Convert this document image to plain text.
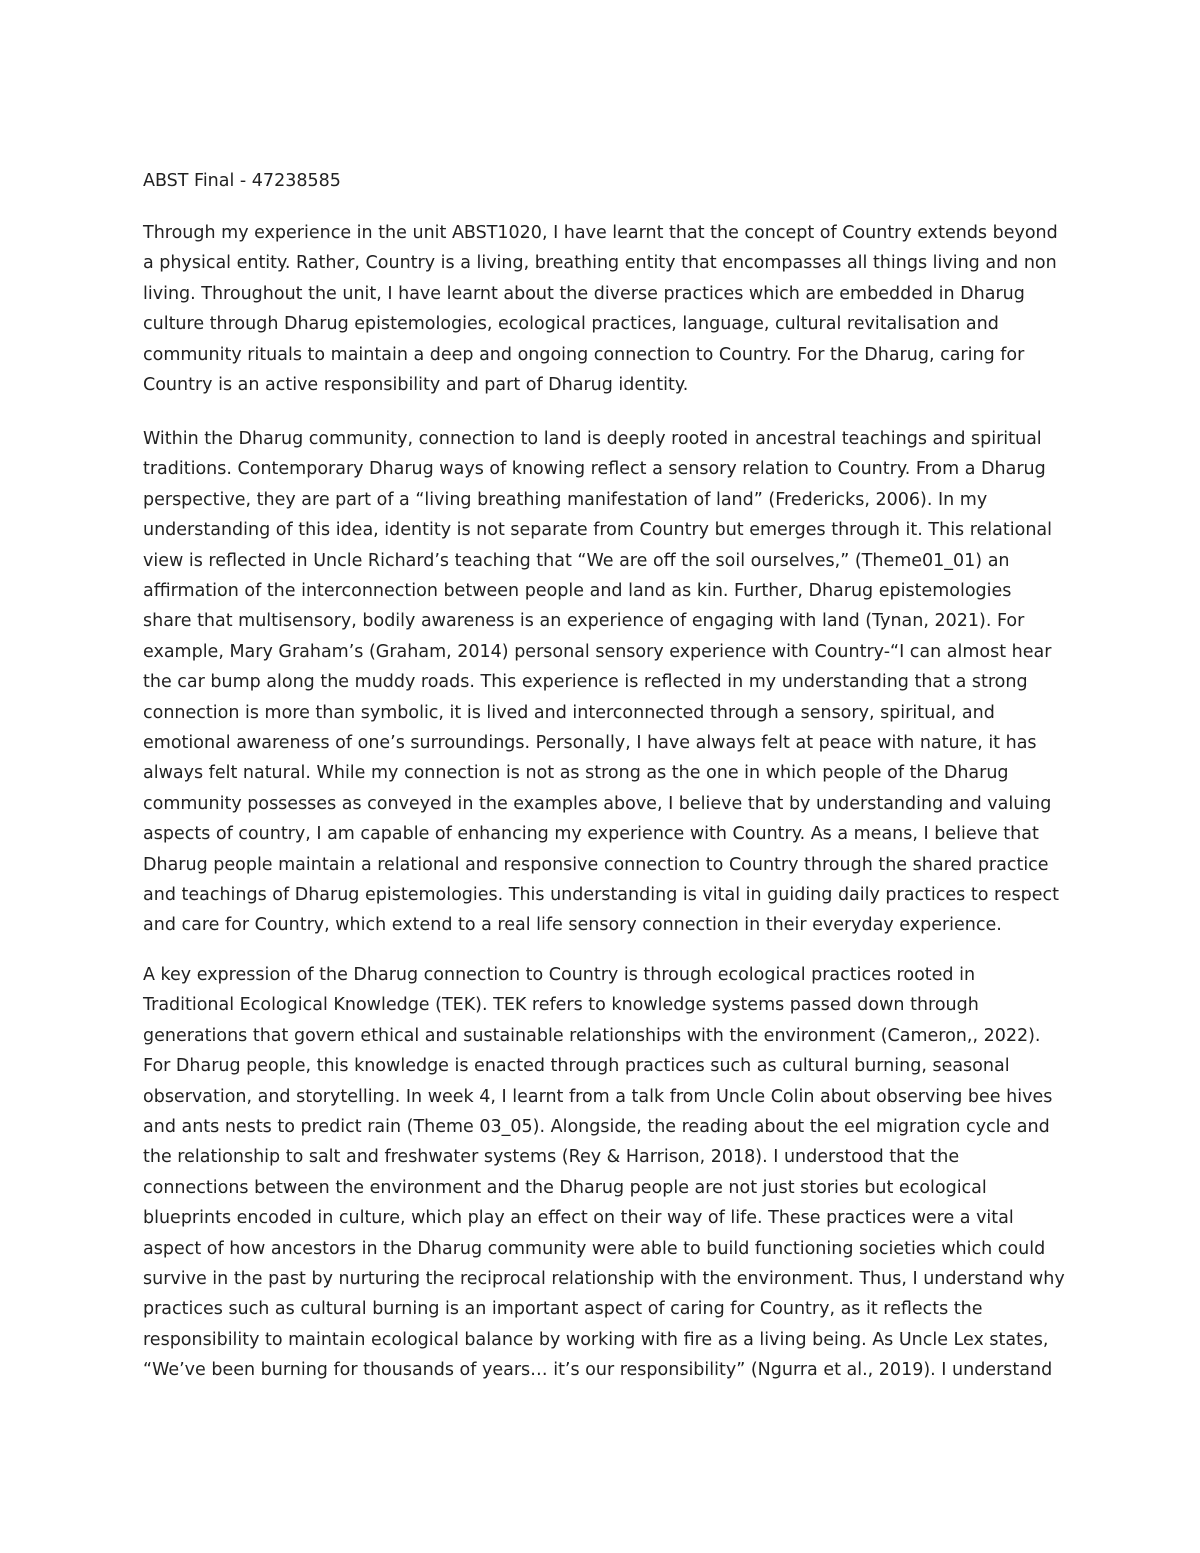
ABST Final - 47238585
Through my experience in the unit ABST1020, I have learnt that the concept of Country extends beyond
a physical entity. Rather, Country is a living, breathing entity that encompasses all things living and non
living. Throughout the unit, I have learnt about the diverse practices which are embedded in Dharug
culture through Dharug epistemologies, ecological practices, language, cultural revitalisation and
community rituals to maintain a deep and ongoing connection to Country. For the Dharug, caring for
Country is an active responsibility and part of Dharug identity.
Within the Dharug community, connection to land is deeply rooted in ancestral teachings and spiritual
traditions. Contemporary Dharug ways of knowing reflect a sensory relation to Country. From a Dharug
perspective, they are part of a “living breathing manifestation of land” (Fredericks, 2006). In my
understanding of this idea, identity is not separate from Country but emerges through it. This relational
view is reflected in Uncle Richard’s teaching that “We are off the soil ourselves,” (Theme01_01) an
affirmation of the interconnection between people and land as kin. Further, Dharug epistemologies
share that multisensory, bodily awareness is an experience of engaging with land (Tynan, 2021). For
example, Mary Graham’s (Graham, 2014) personal sensory experience with Country-“I can almost hear
the car bump along the muddy roads. This experience is reflected in my understanding that a strong
connection is more than symbolic, it is lived and interconnected through a sensory, spiritual, and
emotional awareness of one’s surroundings. Personally, I have always felt at peace with nature, it has
always felt natural. While my connection is not as strong as the one in which people of the Dharug
community possesses as conveyed in the examples above, I believe that by understanding and valuing
aspects of country, I am capable of enhancing my experience with Country. As a means, I believe that
Dharug people maintain a relational and responsive connection to Country through the shared practice
and teachings of Dharug epistemologies. This understanding is vital in guiding daily practices to respect
and care for Country, which extend to a real life sensory connection in their everyday experience.
A key expression of the Dharug connection to Country is through ecological practices rooted in
Traditional Ecological Knowledge (TEK). TEK refers to knowledge systems passed down through
generations that govern ethical and sustainable relationships with the environment (Cameron,, 2022).
For Dharug people, this knowledge is enacted through practices such as cultural burning, seasonal
observation, and storytelling. In week 4, I learnt from a talk from Uncle Colin about observing bee hives
and ants nests to predict rain (Theme 03_05). Alongside, the reading about the eel migration cycle and
the relationship to salt and freshwater systems (Rey & Harrison, 2018). I understood that the
connections between the environment and the Dharug people are not just stories but ecological
blueprints encoded in culture, which play an effect on their way of life. These practices were a vital
aspect of how ancestors in the Dharug community were able to build functioning societies which could
survive in the past by nurturing the reciprocal relationship with the environment. Thus, I understand why
practices such as cultural burning is an important aspect of caring for Country, as it reflects the
responsibility to maintain ecological balance by working with fire as a living being. As Uncle Lex states,
“We’ve been burning for thousands of years… it’s our responsibility” (Ngurra et al., 2019). I understand
